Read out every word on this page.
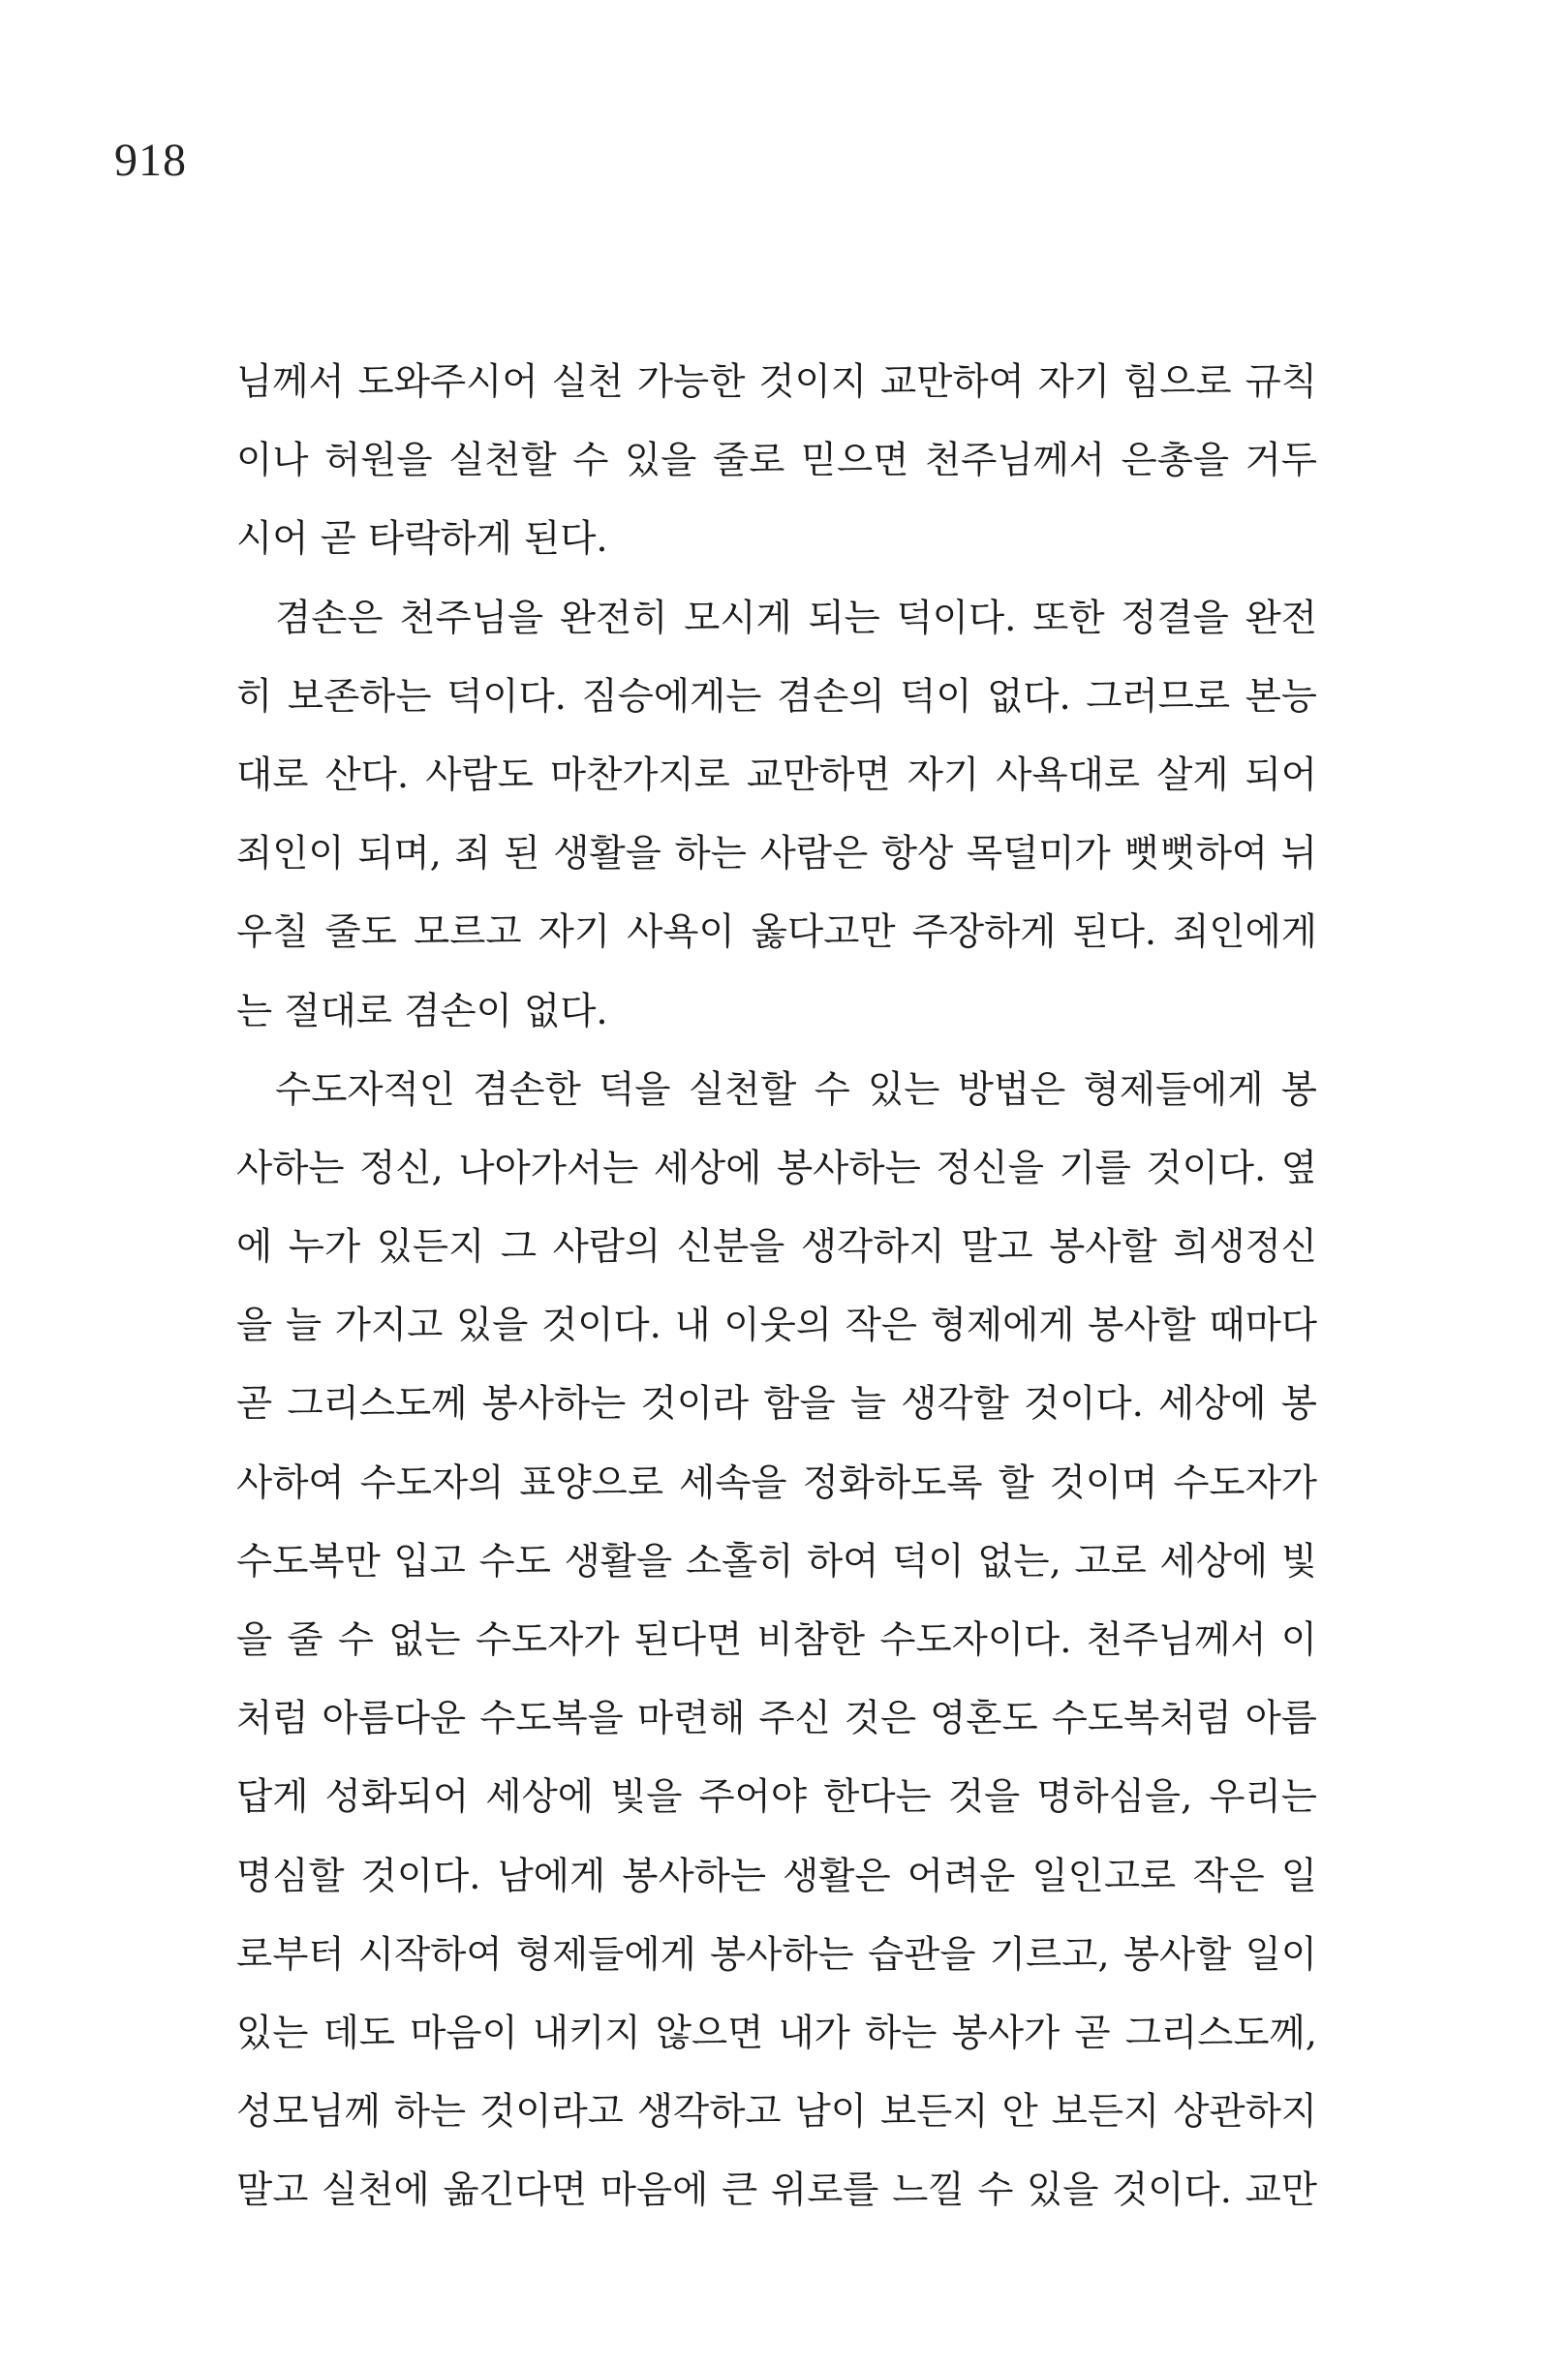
918
님께서 도와주시어 실천 가능한 것이지 교만하여 자기 힘으로 규칙
이나 허원을 실천할 수 있을 줄로 믿으면 천주님께서 은총을 거두
시어 곧 타락하게 된다.
겸손은 천주님을 완전히 모시게 되는 덕이다. 또한 정결을 완전
히 보존하는 덕이다. 짐승에게는 겸손의 덕이 없다. 그러므로 본능
대로 산다. 사람도 마찬가지로 교만하면 자기 사욕대로 살게 되어
죄인이 되며, 죄 된 생활을 하는 사람은 항상 목덜미가 뻣뻣하여 뉘
우칠 줄도 모르고 자기 사욕이 옳다고만 주장하게 된다. 죄인에게
는 절대로 겸손이 없다.
수도자적인 겸손한 덕을 실천할 수 있는 방법은 형제들에게 봉
사하는 정신, 나아가서는 세상에 봉사하는 정신을 기를 것이다. 옆
에 누가 있든지 그 사람의 신분을 생각하지 말고 봉사할 희생정신
을 늘 가지고 있을 것이다. 내 이웃의 작은 형제에게 봉사할 때마다
곧 그리스도께 봉사하는 것이라 함을 늘 생각할 것이다. 세상에 봉
사하여 수도자의 표양으로 세속을 정화하도록 할 것이며 수도자가
수도복만 입고 수도 생활을 소홀히 하여 덕이 없는, 고로 세상에 빛
을 줄 수 없는 수도자가 된다면 비참한 수도자이다. 천주님께서 이
처럼 아름다운 수도복을 마련해 주신 것은 영혼도 수도복처럼 아름
답게 성화되어 세상에 빛을 주어야 한다는 것을 명하심을, 우리는
명심할 것이다. 남에게 봉사하는 생활은 어려운 일인고로 작은 일
로부터 시작하여 형제들에게 봉사하는 습관을 기르고, 봉사할 일이
있는 데도 마음이 내키지 않으면 내가 하는 봉사가 곧 그리스도께,
성모님께 하는 것이라고 생각하고 남이 보든지 안 보든지 상관하지
말고 실천에 옮긴다면 마음에 큰 위로를 느낄 수 있을 것이다. 교만
